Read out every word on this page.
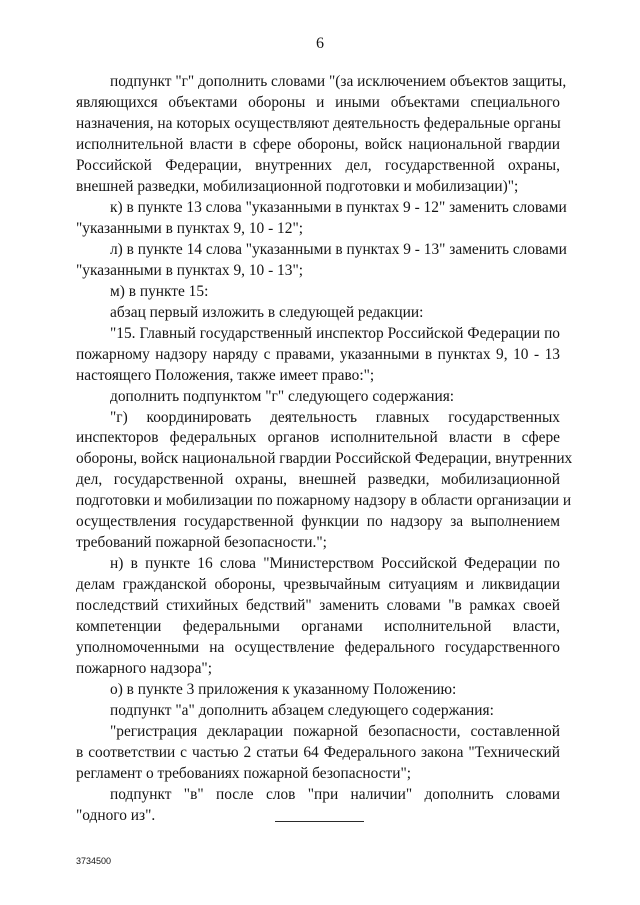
6
подпункт "г" дополнить словами "(за исключением объектов защиты,
являющихся объектами обороны и иными объектами специального
назначения, на которых осуществляют деятельность федеральные органы
исполнительной власти в сфере обороны, войск национальной гвардии
Российской Федерации, внутренних дел, государственной охраны,
внешней разведки, мобилизационной подготовки и мобилизации)";
к) в пункте 13 слова "указанными в пунктах 9 - 12" заменить словами
"указанными в пунктах 9, 10 - 12";
л) в пункте 14 слова "указанными в пунктах 9 - 13" заменить словами
"указанными в пунктах 9, 10 - 13";
м) в пункте 15:
абзац первый изложить в следующей редакции:
"15. Главный государственный инспектор Российской Федерации по
пожарному надзору наряду с правами, указанными в пунктах 9, 10 - 13
настоящего Положения, также имеет право:";
дополнить подпунктом "г" следующего содержания:
"г) координировать деятельность главных государственных
инспекторов федеральных органов исполнительной власти в сфере
обороны, войск национальной гвардии Российской Федерации, внутренних
дел, государственной охраны, внешней разведки, мобилизационной
подготовки и мобилизации по пожарному надзору в области организации и
осуществления государственной функции по надзору за выполнением
требований пожарной безопасности.";
н) в пункте 16 слова "Министерством Российской Федерации по
делам гражданской обороны, чрезвычайным ситуациям и ликвидации
последствий стихийных бедствий" заменить словами "в рамках своей
компетенции федеральными органами исполнительной власти,
уполномоченными на осуществление федерального государственного
пожарного надзора";
о) в пункте 3 приложения к указанному Положению:
подпункт "а" дополнить абзацем следующего содержания:
"регистрация декларации пожарной безопасности, составленной
в соответствии с частью 2 статьи 64 Федерального закона "Технический
регламент о требованиях пожарной безопасности";
подпункт "в" после слов "при наличии" дополнить словами
"одного из".
3734500
